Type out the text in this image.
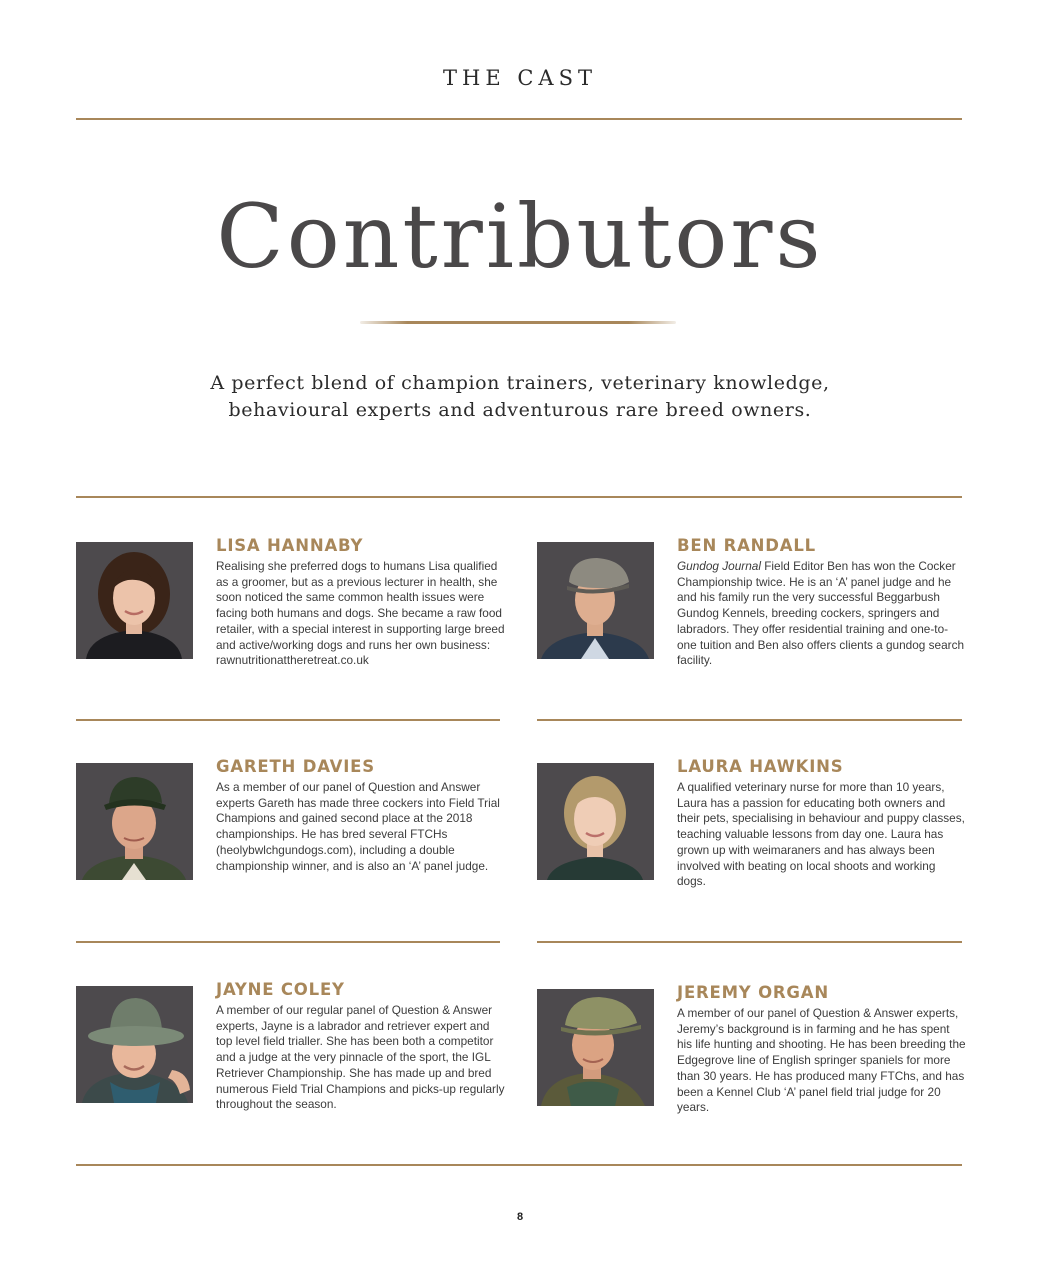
THE CAST
Contributors
A perfect blend of champion trainers, veterinary knowledge,
behavioural experts and adventurous rare breed owners.
LISA HANNABY

Realising she preferred dogs to humans Lisa qualified as a groomer, but as a previous lecturer in health, she soon noticed the same common health issues were facing both humans and dogs. She became a raw food retailer, with a special interest in supporting large breed and active/working dogs and runs her own business: rawnutritionattheretreat.co.uk

BEN RANDALL

Gundog Journal Field Editor Ben has won the Cocker Championship twice. He is an ‘A’ panel judge and he and his family run the very successful Beggarbush Gundog Kennels, breeding cockers, springers and labradors. They offer residential training and one-to-one tuition and Ben also offers clients a gundog search facility.

GARETH DAVIES

As a member of our panel of Question and Answer experts Gareth has made three cockers into Field Trial Champions and gained second place at the 2018 championships. He has bred several FTCHs (heolybwlchgundogs.com), including a double championship winner, and is also an ‘A’ panel judge.

LAURA HAWKINS

A qualified veterinary nurse for more than 10 years, Laura has a passion for educating both owners and their pets, specialising in behaviour and puppy classes, teaching valuable lessons from day one. Laura has grown up with weimaraners and has always been involved with beating on local shoots and working dogs.

JAYNE COLEY

A member of our regular panel of Question & Answer experts, Jayne is a labrador and retriever expert and top level field trialler. She has been both a competitor and a judge at the very pinnacle of the sport, the IGL Retriever Championship. She has made up and bred numerous Field Trial Champions and picks-up regularly throughout the season.

JEREMY ORGAN

A member of our panel of Question & Answer experts, Jeremy’s background is in farming and he has spent his life hunting and shooting. He has been breeding the Edgegrove line of English springer spaniels for more than 30 years. He has produced many FTChs, and has been a Kennel Club ‘A’ panel field trial judge for 20 years.

8
